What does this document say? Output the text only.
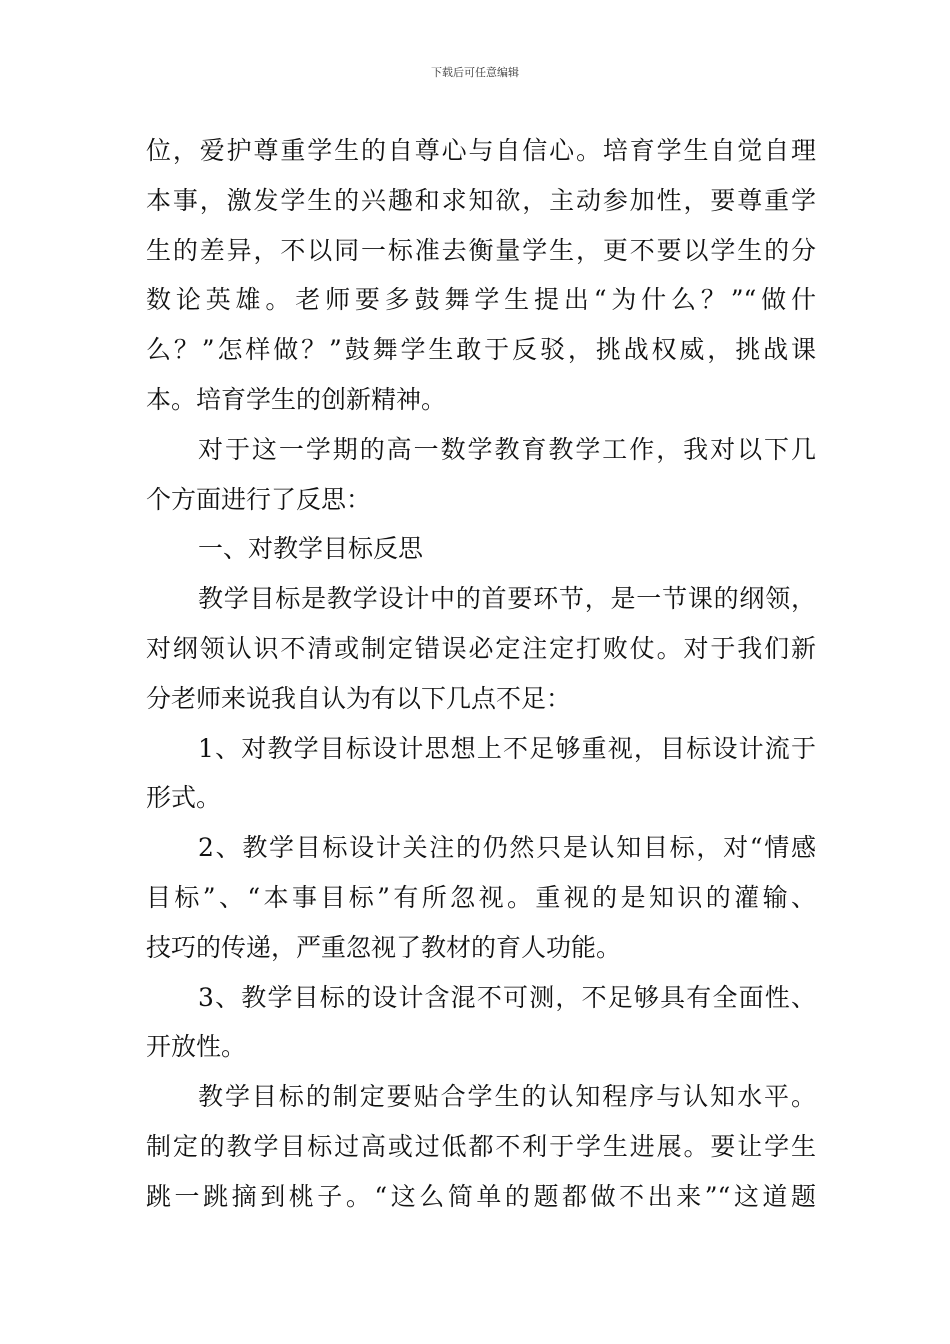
下载后可任意编辑
位，爱护尊重学生的自尊心与自信心。培育学生自觉自理
本事，激发学生的兴趣和求知欲，主动参加性，要尊重学
生的差异，不以同一标准去衡量学生，更不要以学生的分
数论英雄。老师要多鼓舞学生提出“为什么？”“做什
么？”怎样做？”鼓舞学生敢于反驳，挑战权威，挑战课
本。培育学生的创新精神。
对于这一学期的高一数学教育教学工作，我对以下几
个方面进行了反思：
一、对教学目标反思
教学目标是教学设计中的首要环节，是一节课的纲领，
对纲领认识不清或制定错误必定注定打败仗。对于我们新
分老师来说我自认为有以下几点不足：
1、对教学目标设计思想上不足够重视，目标设计流于
形式。
2、教学目标设计关注的仍然只是认知目标，对“情感
目标”、“本事目标”有所忽视。重视的是知识的灌输、
技巧的传递，严重忽视了教材的育人功能。
3、教学目标的设计含混不可测，不足够具有全面性、
开放性。
教学目标的制定要贴合学生的认知程序与认知水平。
制定的教学目标过高或过低都不利于学生进展。要让学生
跳一跳摘到桃子。“这么简单的题都做不出来”“这道题
